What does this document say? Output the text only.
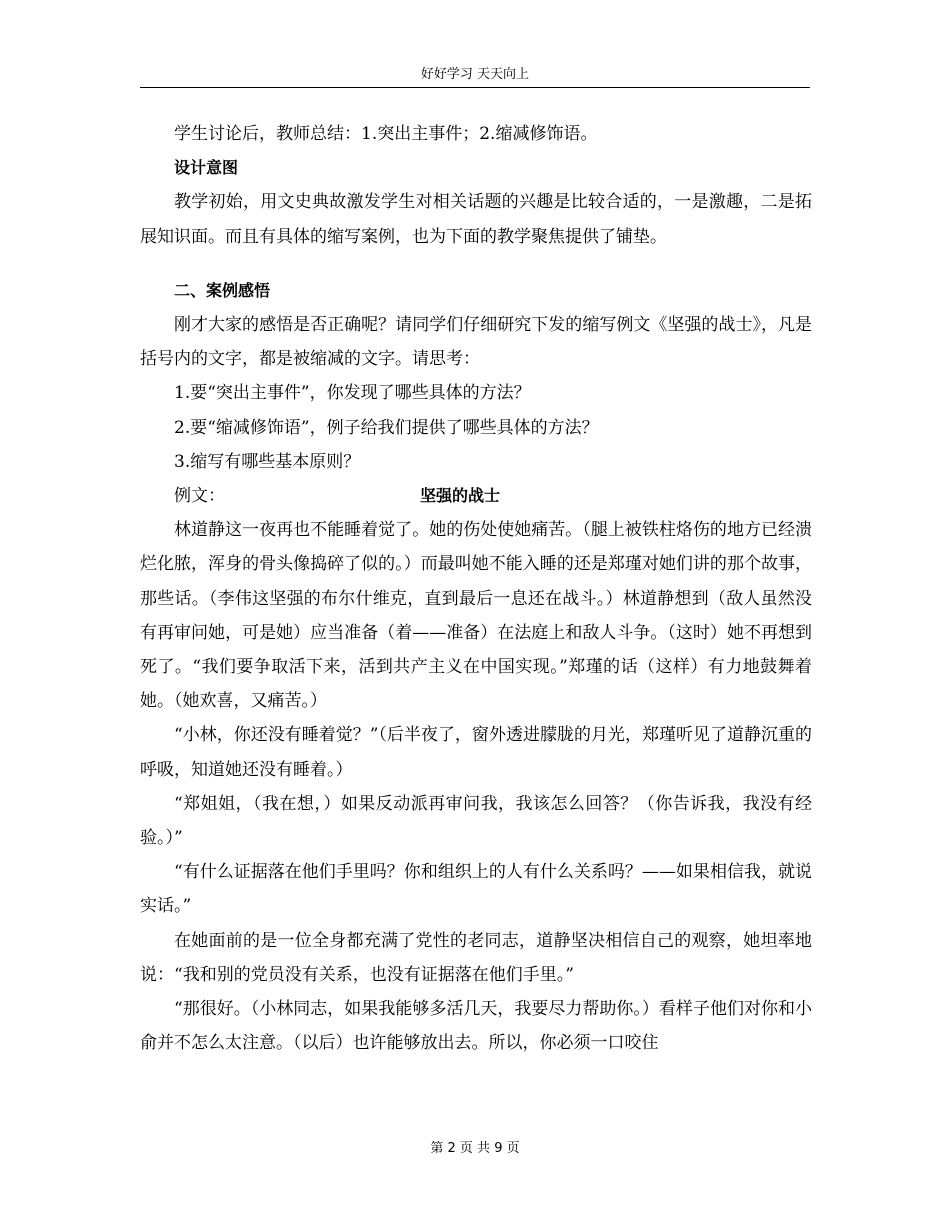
好好学习 天天向上

学生讨论后，教师总结：1.突出主事件；2.缩减修饰语。

设计意图

教学初始，用文史典故激发学生对相关话题的兴趣是比较合适的，一是激趣，二是拓展知识面。而且有具体的缩写案例，也为下面的教学聚焦提供了铺垫。

二、案例感悟

刚才大家的感悟是否正确呢？请同学们仔细研究下发的缩写例文《坚强的战士》，凡是括号内的文字，都是被缩减的文字。请思考：

1.要“突出主事件”，你发现了哪些具体的方法？

2.要“缩减修饰语”，例子给我们提供了哪些具体的方法？

3.缩写有哪些基本原则？

例文：	坚强的战士

林道静这一夜再也不能睡着觉了。她的伤处使她痛苦。（腿上被铁柱烙伤的地方已经溃烂化脓，浑身的骨头像捣碎了似的。）而最叫她不能入睡的还是郑瑾对她们讲的那个故事，那些话。（李伟这坚强的布尔什维克，直到最后一息还在战斗。）林道静想到（敌人虽然没有再审问她，可是她）应当准备（着——准备）在法庭上和敌人斗争。（这时）她不再想到死了。“我们要争取活下来，活到共产主义在中国实现。”郑瑾的话（这样）有力地鼓舞着她。（她欢喜，又痛苦。）

“小林，你还没有睡着觉？”（后半夜了，窗外透进朦胧的月光，郑瑾听见了道静沉重的呼吸，知道她还没有睡着。）

“郑姐姐，（我在想，）如果反动派再审问我，我该怎么回答？（你告诉我，我没有经验。）”

“有什么证据落在他们手里吗？你和组织上的人有什么关系吗？——如果相信我，就说实话。”

在她面前的是一位全身都充满了党性的老同志，道静坚决相信自己的观察，她坦率地说：“我和别的党员没有关系，也没有证据落在他们手里。”

“那很好。（小林同志，如果我能够多活几天，我要尽力帮助你。）看样子他们对你和小俞并不怎么太注意。（以后）也许能够放出去。所以，你必须一口咬住

第 2 页 共 9 页
